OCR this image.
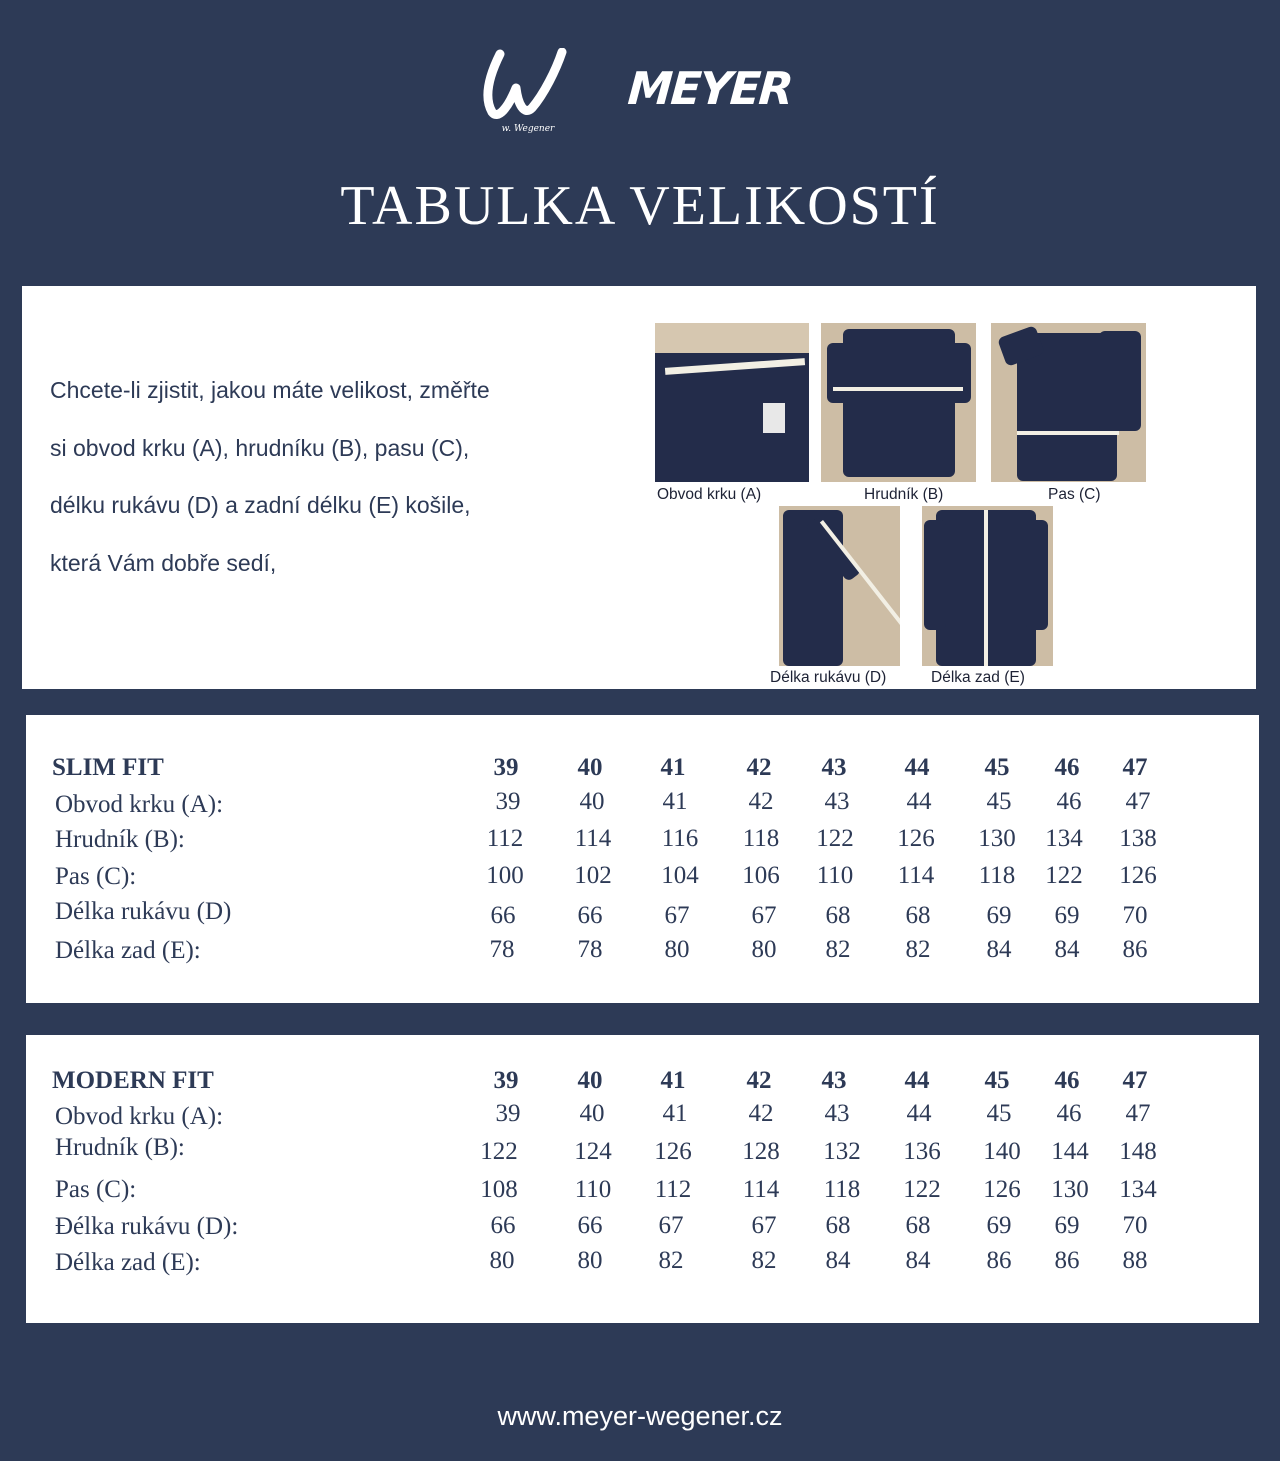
w. Wegener
MEYER
TABULKA VELIKOSTÍ
Chcete-li zjistit, jakou máte velikost, změřte
si obvod krku (A), hrudníku (B), pasu (C),
délku rukávu (D) a zadní délku (E) košile,
která Vám dobře sedí,
Obvod krku (A)	Hrudník (B)	Pas (C)
Délka rukávu (D)	Délka zad (E)
SLIM FIT	39 40 41 42 43 44 45 46 47
Obvod krku (A):	39 40 41 42 43 44 45 46 47
Hrudník (B):	112 114 116 118 122 126 130 134 138
Pas (C):	100 102 104 106 110 114 118 122 126
Délka rukávu (D)	66 66 67 67 68 68 69 69 70
Délka zad (E):	78	78 80 80 82 82 84 84 86
MODERN FIT	39 40 41 42 43 44 45 46 47
Obvod krku (A):	39 40 41 42 43 44 45 46 47
Hrudník (B):	122 124 126 128 132 136 140 144 148
Pas (C):	108 110 112 114 118 122 126 130 134
Đélka rukávu (D):	66 66 67	67 68 68 69 69 70
Délka zad (E):	80	80 82	82 84 84 86 86 88
www.meyer-wegener.cz
